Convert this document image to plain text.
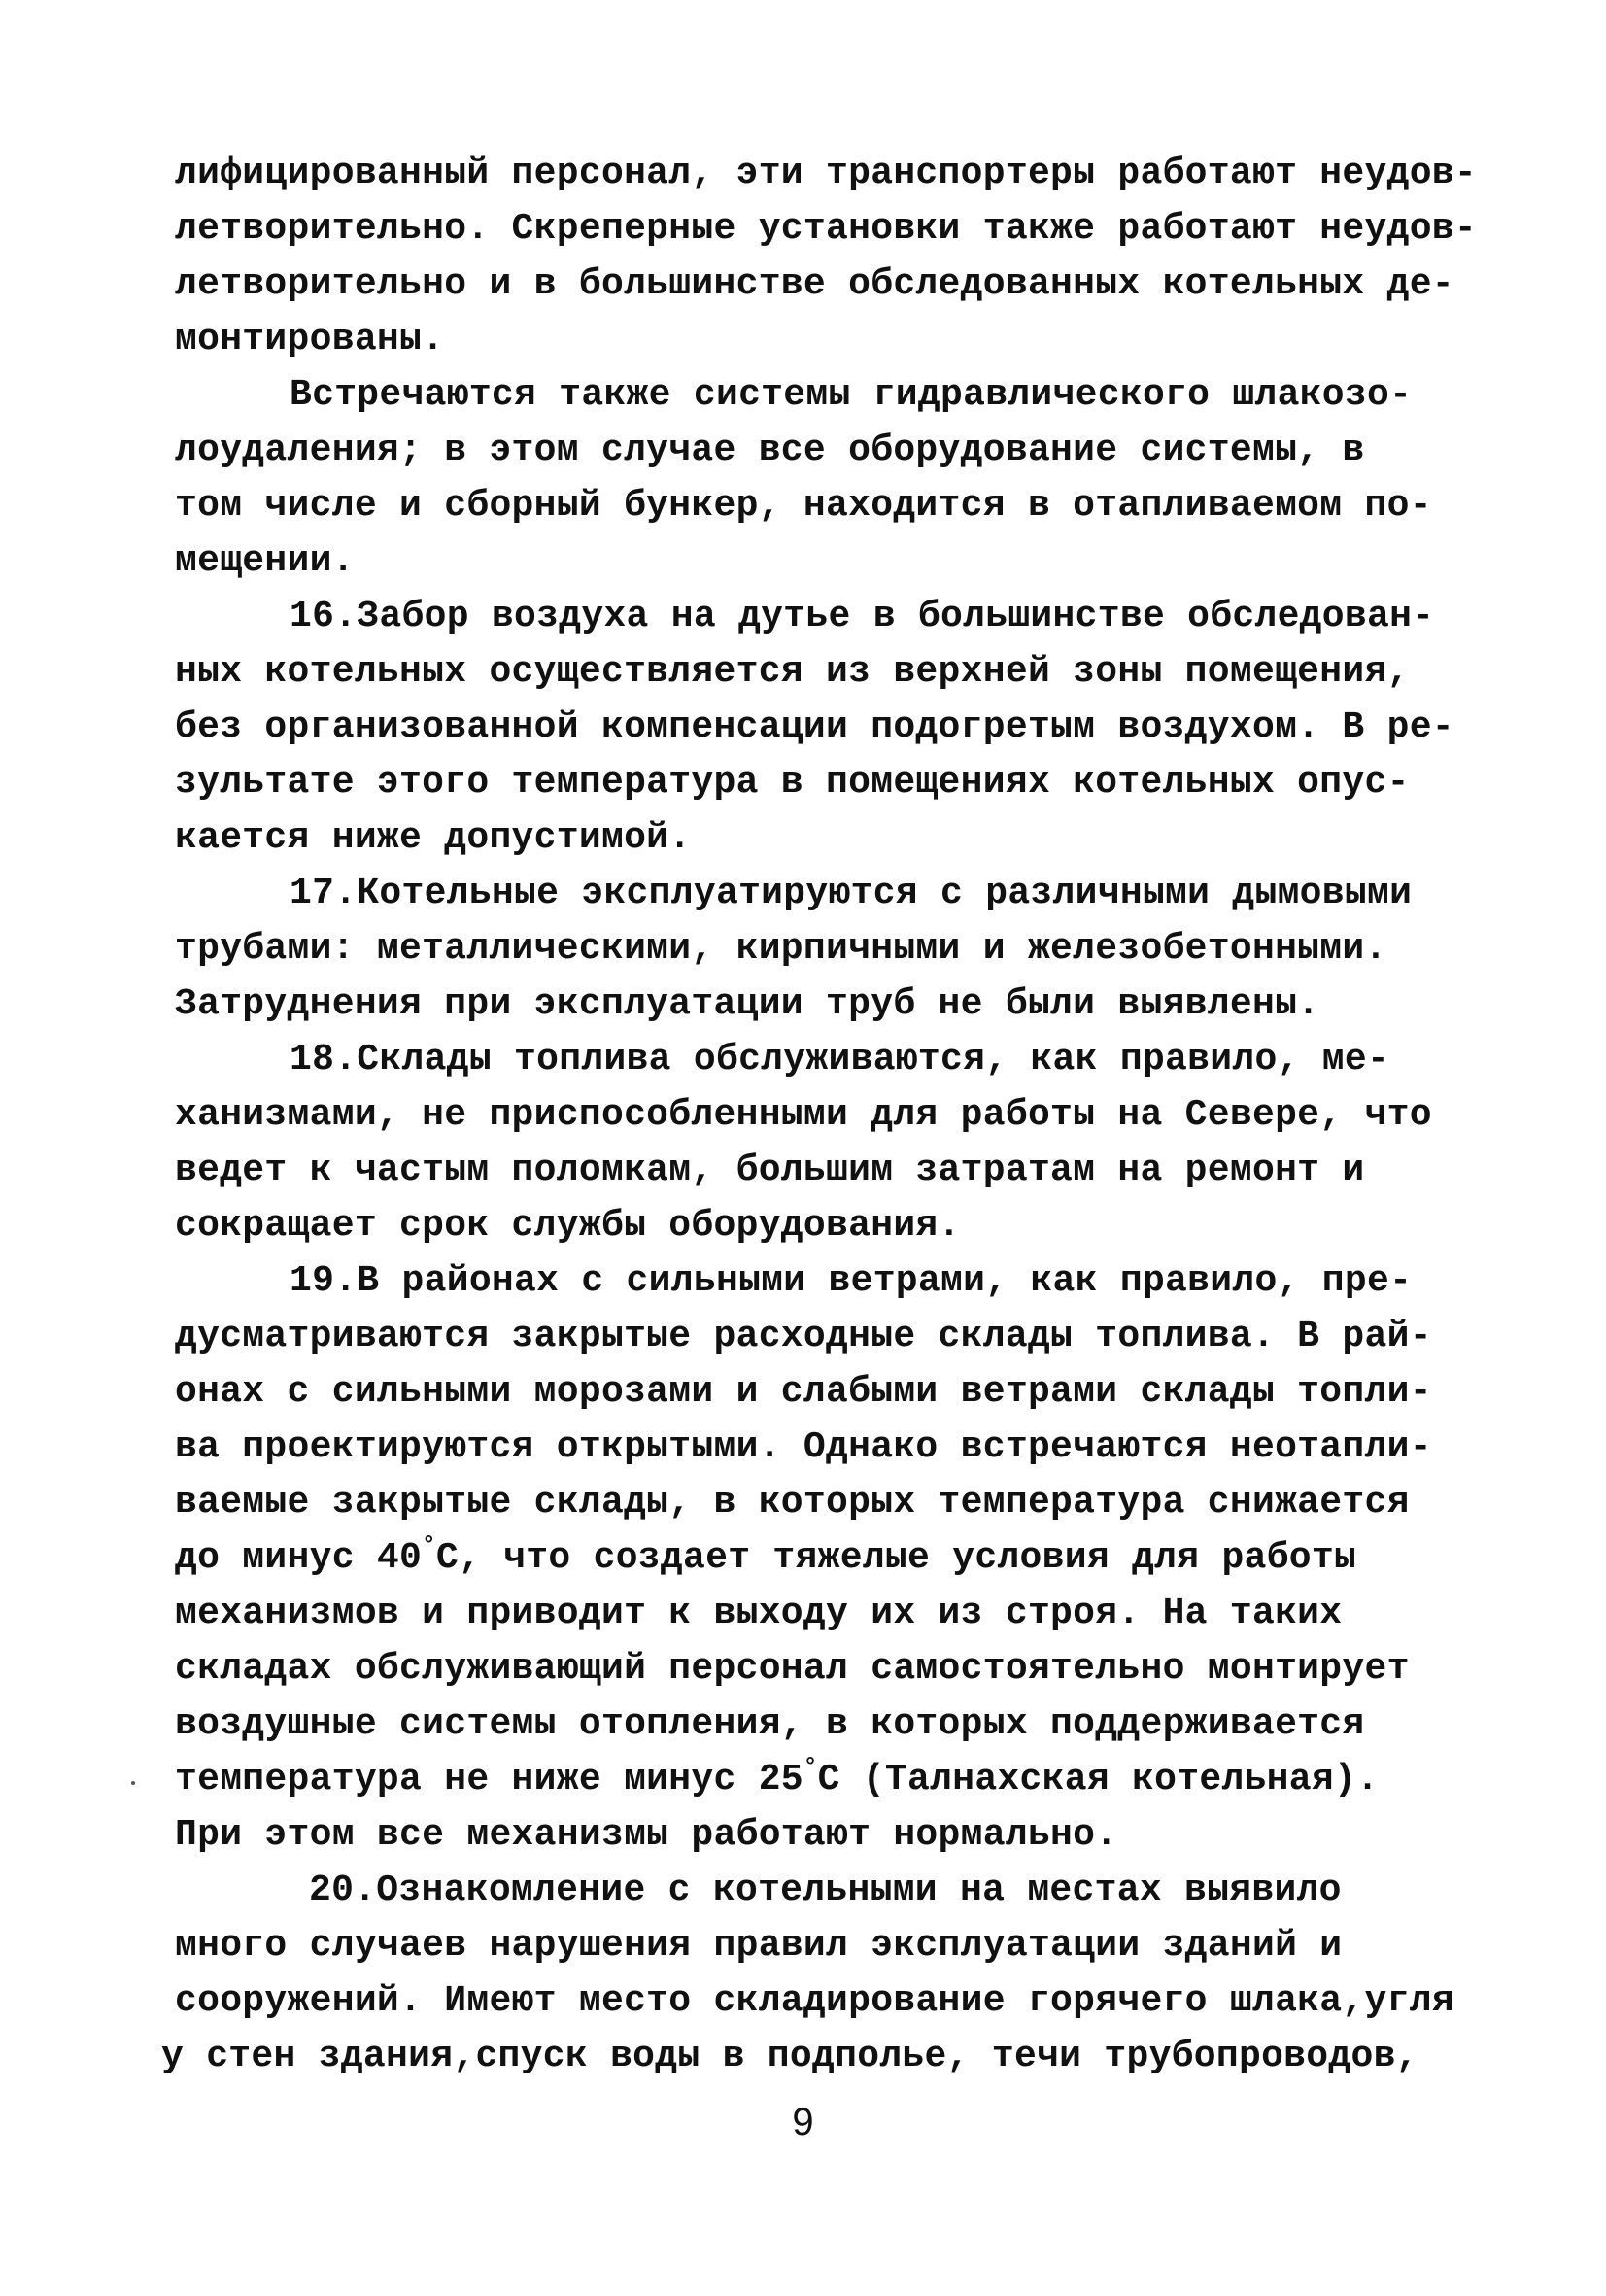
лифицированный персонал, эти транспортеры работают неудов-
летворительно. Скреперные установки также работают неудов-
летворительно и в большинстве обследованных котельных де-
монтированы.
Встречаются также системы гидравлического шлакозо-
лоудаления; в этом случае все оборудование системы, в
том числе и сборный бункер, находится в отапливаемом по-
мещении.
16.Забор воздуха на дутье в большинстве обследован-
ных котельных осуществляется из верхней зоны помещения,
без организованной компенсации подогретым воздухом. В ре-
зультате этого температура в помещениях котельных опус-
кается ниже допустимой.
17.Котельные эксплуатируются с различными дымовыми
трубами: металлическими, кирпичными и железобетонными.
Затруднения при эксплуатации труб не были выявлены.
18.Склады топлива обслуживаются, как правило, ме-
ханизмами, не приспособленными для работы на Севере, что
ведет к частым поломкам, большим затратам на ремонт и
сокращает срок службы оборудования.
19.В районах с сильными ветрами, как правило, пре-
дусматриваются закрытые расходные склады топлива. В рай-
онах с сильными морозами и слабыми ветрами склады топли-
ва проектируются открытыми. Однако встречаются неотапли-
ваемые закрытые склады, в которых температура снижается
до минус 40°С, что создает тяжелые условия для работы
механизмов и приводит к выходу их из строя. На таких
складах обслуживающий персонал самостоятельно монтирует
воздушные системы отопления, в которых поддерживается
температура не ниже минус 25°С (Талнахская котельная).
При этом все механизмы работают нормально.
20.Ознакомление с котельными на местах выявило
много случаев нарушения правил эксплуатации зданий и
сооружений. Имеют место складирование горячего шлака,угля
у стен здания,спуск воды в подполье, течи трубопроводов,
9
